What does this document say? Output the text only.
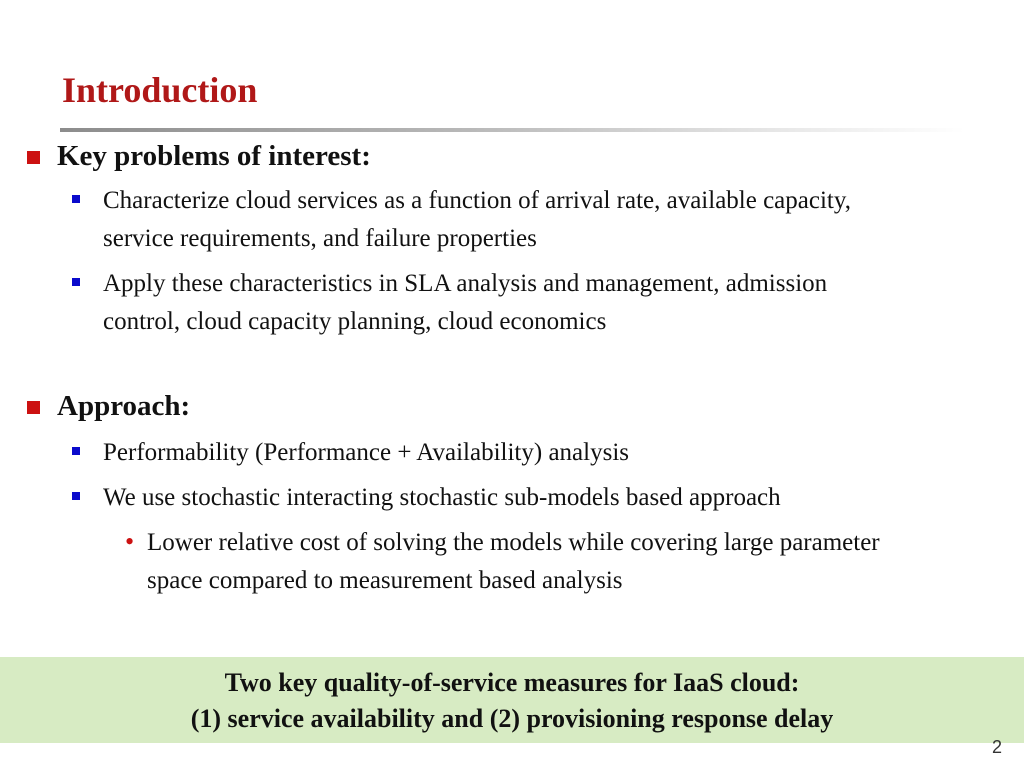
Introduction
Key problems of interest:
Characterize cloud services as a function of arrival rate, available capacity,
service requirements, and failure properties
Apply these characteristics in SLA analysis and management, admission
control, cloud capacity planning, cloud economics
Approach:
Performability (Performance + Availability) analysis
We use stochastic interacting stochastic sub-models based approach
• Lower relative cost of solving the models while covering large parameter
space compared to measurement based analysis
Two key quality-of-service measures for IaaS cloud:
(1) service availability and (2) provisioning response delay
2
